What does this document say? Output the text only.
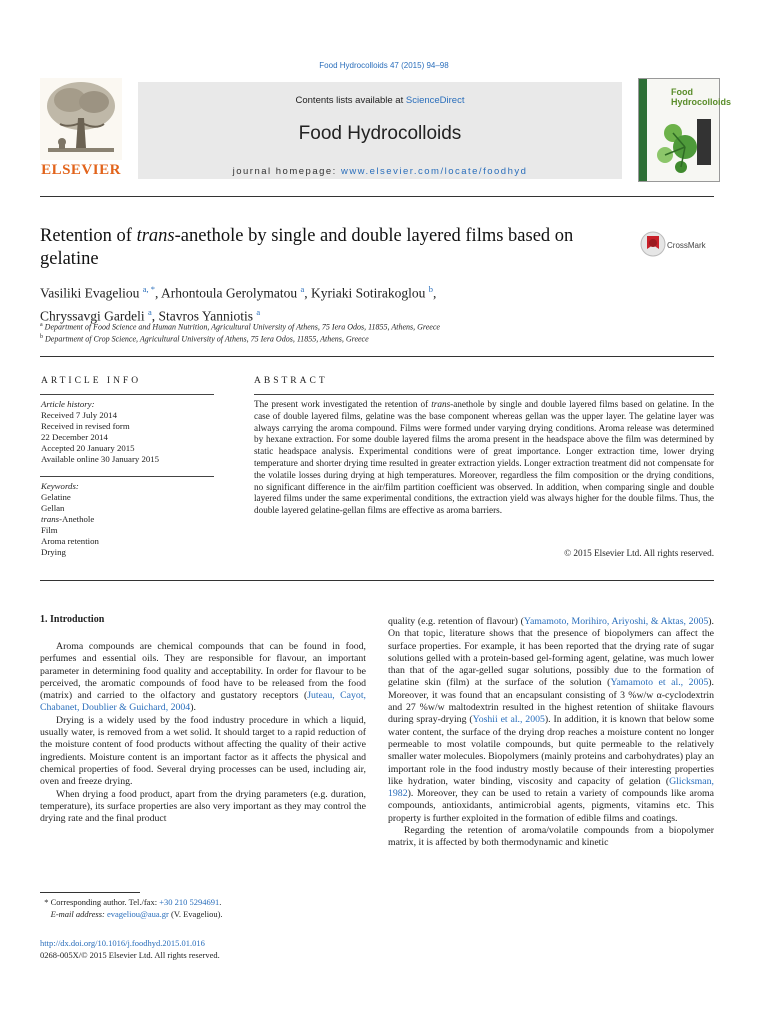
Food Hydrocolloids 47 (2015) 94–98
ELSEVIER
Contents lists available at ScienceDirect
Food Hydrocolloids
journal homepage: www.elsevier.com/locate/foodhyd
Food
Hydrocolloids
Retention of trans-anethole by single and double layered films based on gelatine
CrossMark
Vasiliki Evageliou $^{a, *}$, Arhontoula Gerolymatou $^a$, Kyriaki Sotirakoglou $^b$,
Chryssavgi Gardeli $^a$, Stavros Yanniotis $^a$
$^a$ Department of Food Science and Human Nutrition, Agricultural University of Athens, 75 Iera Odos, 11855, Athens, Greece
$^b$ Department of Crop Science, Agricultural University of Athens, 75 Iera Odos, 11855, Athens, Greece
ARTICLE INFO
Article history:
Received 7 July 2014
Received in revised form
22 December 2014
Accepted 20 January 2015
Available online 30 January 2015
Keywords:
Gelatine
Gellan
trans-Anethole
Film
Aroma retention
Drying
ABSTRACT
The present work investigated the retention of trans-anethole by single and double layered films based on gelatine. In the case of double layered films, gelatine was the base component whereas gellan was the upper layer. The gelatine layer was always carrying the aroma compound. Films were formed under varying drying conditions. Aroma release was determined by hexane extraction. For some double layered films the aroma present in the headspace above the film was determined by static headspace analysis. Experimental conditions were of great importance. Longer extraction time, lower drying temperature and shorter drying time resulted in greater extraction yields. Longer extraction treatment did not compensate for the volatile losses during drying at high temperatures. Moreover, regardless the film composition or the drying conditions, no significant difference in the air/film partition coefficient was observed. In addition, when comparing single and double layered films under the same experimental conditions, the extraction yield was always higher for the double films. Thus, the double layered gelatine-gellan films are effective as aroma barriers.
© 2015 Elsevier Ltd. All rights reserved.
1. Introduction

Aroma compounds are chemical compounds that can be found in food, perfumes and essential oils. They are responsible for flavour, an important parameter in determining food quality and acceptability. In order for flavour to be perceived, the aromatic compounds of food have to be released from the food (matrix) and carried to the olfactory and gustatory receptors (Juteau, Cayot, Chabanet, Doublier & Guichard, 2004).

Drying is a widely used by the food industry procedure in which a liquid, usually water, is removed from a wet solid. It should target to a rapid reduction of the moisture content of food products without affecting the quality of their active ingredients. Moisture content is an important factor as it affects the physical and chemical properties of food. Several drying processes can be used, including air, oven and freeze drying.

When drying a food product, apart from the drying parameters (e.g. duration, temperature), its surface properties are also very important as they may control the drying rate and the final product

quality (e.g. retention of flavour) (Yamamoto, Morihiro, Ariyoshi, & Aktas, 2005). On that topic, literature shows that the presence of biopolymers can affect the surface properties. For example, it has been reported that the drying rate of sugar solutions gelled with a protein-based gel-forming agent, gelatine, was much lower than that of the agar-gelled sugar solutions, possibly due to the formation of gelatine skin (film) at the surface of the solution (Yamamoto et al., 2005). Moreover, it was found that an encapsulant consisting of 3 %w/w α-cyclodextrin and 27 %w/w maltodextrin resulted in the highest retention of shiitake flavours during spray-drying (Yoshii et al., 2005). In addition, it is known that below some water content, the surface of the drying drop reaches a moisture content no longer permeable to most volatile compounds, but quite permeable to the relatively smaller water molecules. Biopolymers (mainly proteins and carbohydrates) play an important role in the food industry mostly because of their interesting properties like hydration, water binding, viscosity and capacity of gelation (Glicksman, 1982). Moreover, they can be used to retain a variety of compounds like aroma compounds, antioxidants, antimicrobial agents, pigments, vitamins etc. This property is further exploited in the formation of edible films and coatings.

Regarding the retention of aroma/volatile compounds from a biopolymer matrix, it is affected by both thermodynamic and kinetic

* Corresponding author. Tel./fax: +30 210 5294691.
E-mail address: evageliou@aua.gr (V. Evageliou).
http://dx.doi.org/10.1016/j.foodhyd.2015.01.016
0268-005X/© 2015 Elsevier Ltd. All rights reserved.
